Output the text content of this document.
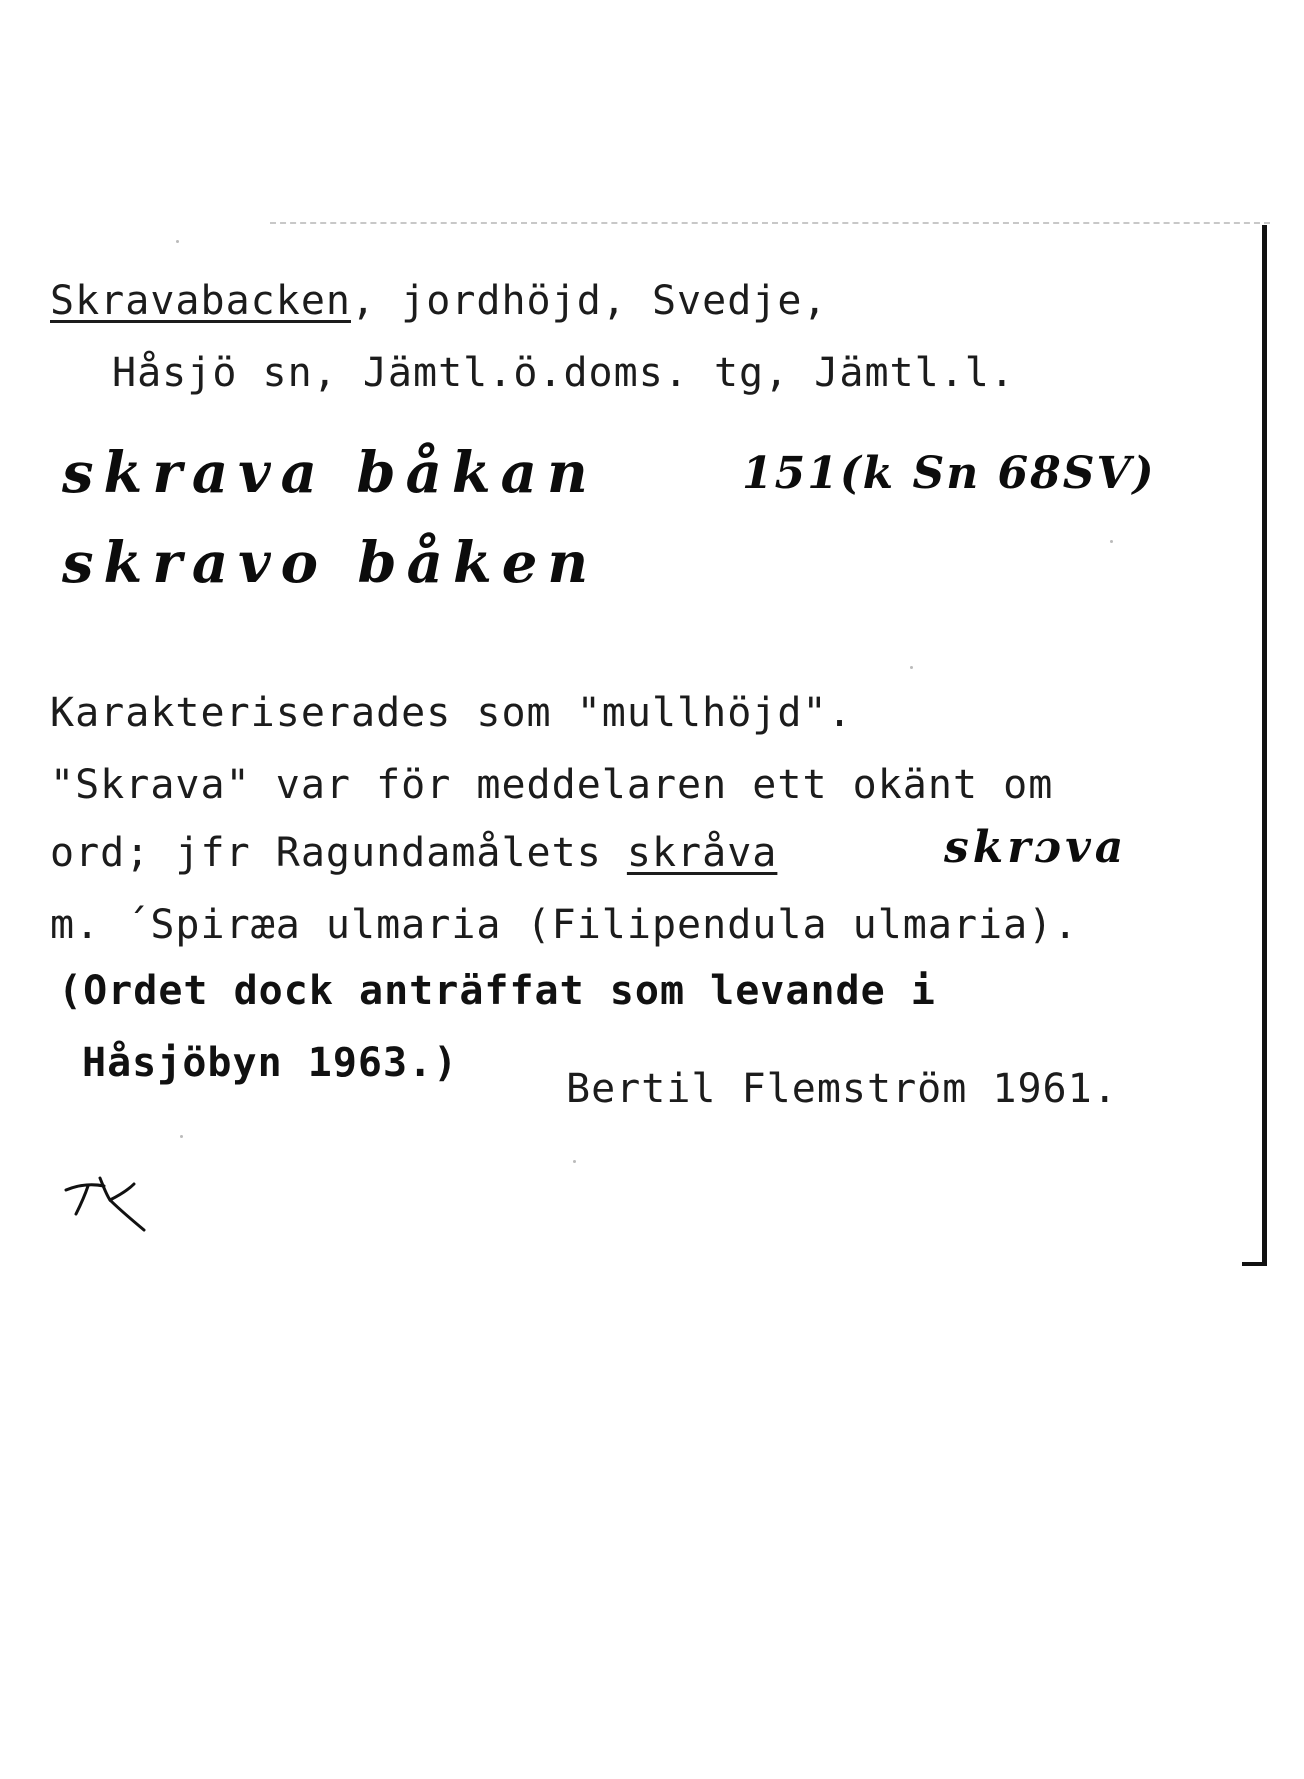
Skravabacken, jordhöjd, Svedje,
Håsjö sn, Jämtl.ö.doms. tg, Jämtl.l.
skrava båkan	151(k Sn 68SV)
skravo båken
Karakteriserades som "mullhöjd".
"Skrava" var för meddelaren ett okänt om
ord; jfr Ragundamålets skråva	skrɔva
m. ´Spiræa ulmaria (Filipendula ulmaria).
(Ordet dock anträffat som levande i
Håsjöbyn 1963.)
Bertil Flemström 1961.
